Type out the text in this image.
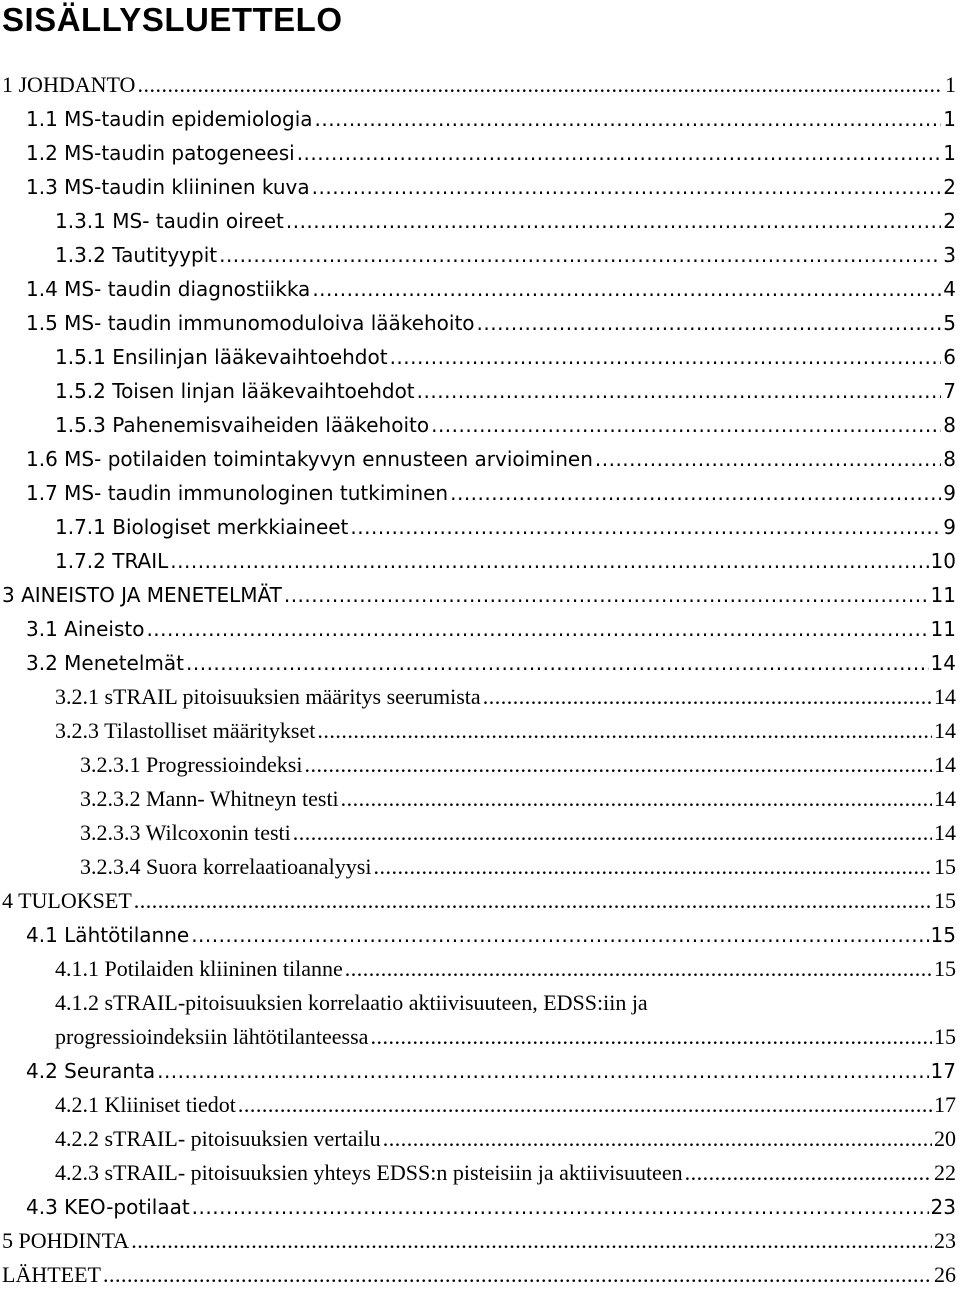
SISÄLLYSLUETTELO
1 JOHDANTO .....	1
1.1 MS-taudin epidemiologia .....	1
1.2 MS-taudin patogeneesi .....	1
1.3 MS-taudin kliininen kuva .....	2
1.3.1 MS- taudin oireet .....	2
1.3.2 Tautityypit .....	3
1.4 MS- taudin diagnostiikka .....	4
1.5 MS- taudin immunomoduloiva lääkehoito .....	5
1.5.1 Ensilinjan lääkevaihtoehdot .....	6
1.5.2 Toisen linjan lääkevaihtoehdot .....	7
1.5.3 Pahenemisvaiheiden lääkehoito .....	8
1.6 MS- potilaiden toimintakyvyn ennusteen arvioiminen .....	8
1.7 MS- taudin immunologinen tutkiminen .....	9
1.7.1 Biologiset merkkiaineet .....	9
1.7.2 TRAIL .....	10
3 AINEISTO JA MENETELMÄT .....	11
3.1 Aineisto .....	11
3.2 Menetelmät .....	14
3.2.1 sTRAIL pitoisuuksien määritys seerumista .....	14
3.2.3 Tilastolliset määritykset .....	14
3.2.3.1 Progressioindeksi .....	14
3.2.3.2 Mann- Whitneyn testi .....	14
3.2.3.3 Wilcoxonin testi .....	14
3.2.3.4 Suora korrelaatioanalyysi .....	15
4 TULOKSET .....	15
4.1 Lähtötilanne .....	15
4.1.1 Potilaiden kliininen tilanne .....	15
4.1.2 sTRAIL-pitoisuuksien korrelaatio aktiivisuuteen, EDSS:iin ja
progressioindeksiin lähtötilanteessa .....	15
4.2 Seuranta .....	17
4.2.1 Kliiniset tiedot .....	17
4.2.2 sTRAIL- pitoisuuksien vertailu .....	20
4.2.3 sTRAIL- pitoisuuksien yhteys EDSS:n pisteisiin ja aktiivisuuteen .....	22
4.3 KEO-potilaat .....	23
5 POHDINTA .....	23
LÄHTEET .....	26
